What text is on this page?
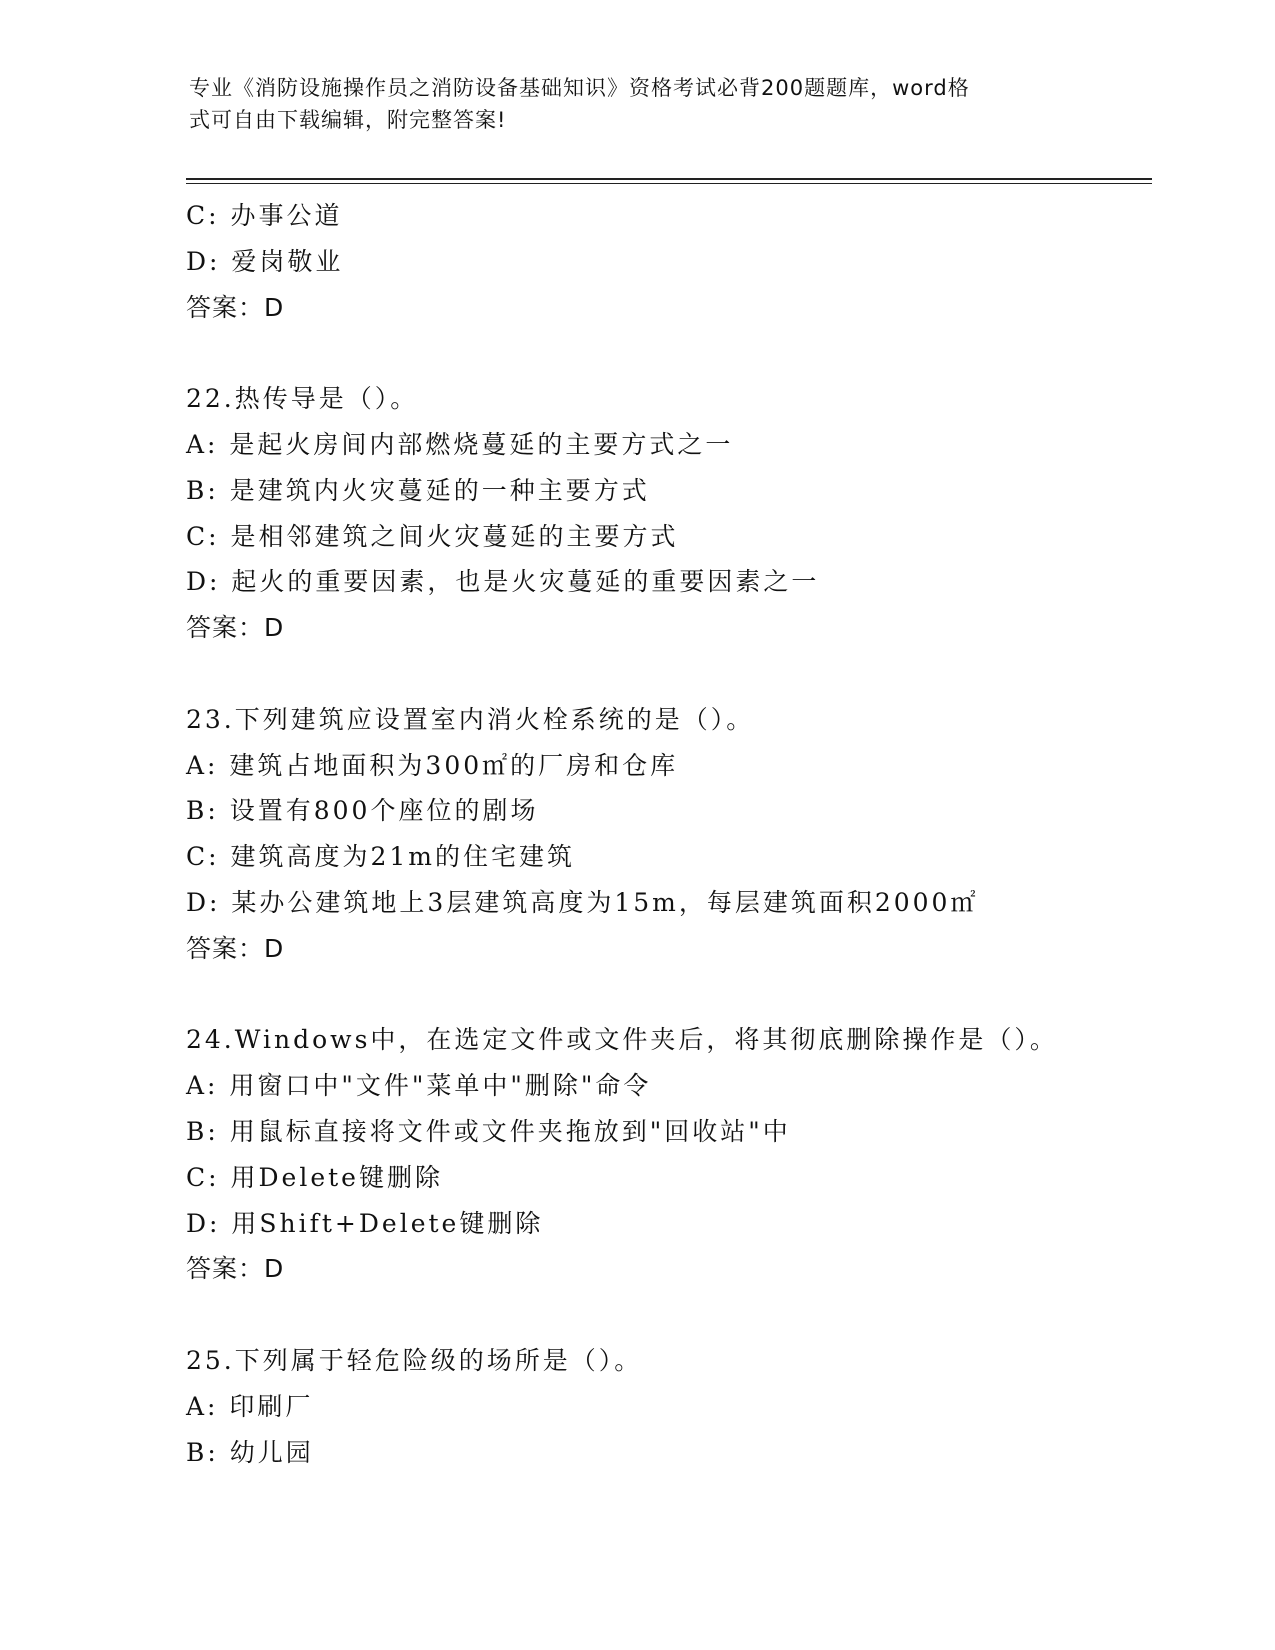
专业《消防设施操作员之消防设备基础知识》资格考试必背200题题库，word格
式可自由下载编辑，附完整答案!
C: 办事公道
D: 爱岗敬业
答案：D
22.热传导是（）。
A: 是起火房间内部燃烧蔓延的主要方式之一
B: 是建筑内火灾蔓延的一种主要方式
C: 是相邻建筑之间火灾蔓延的主要方式
D: 起火的重要因素，也是火灾蔓延的重要因素之一
答案：D
23.下列建筑应设置室内消火栓系统的是（）。
A: 建筑占地面积为300㎡的厂房和仓库
B: 设置有800个座位的剧场
C: 建筑高度为21m的住宅建筑
D: 某办公建筑地上3层建筑高度为15m，每层建筑面积2000㎡
答案：D
24.Windows中，在选定文件或文件夹后，将其彻底删除操作是（）。
A: 用窗口中"文件"菜单中"删除"命令
B: 用鼠标直接将文件或文件夹拖放到"回收站"中
C: 用Delete键删除
D: 用Shift+Delete键删除
答案：D
25.下列属于轻危险级的场所是（）。
A: 印刷厂
B: 幼儿园
